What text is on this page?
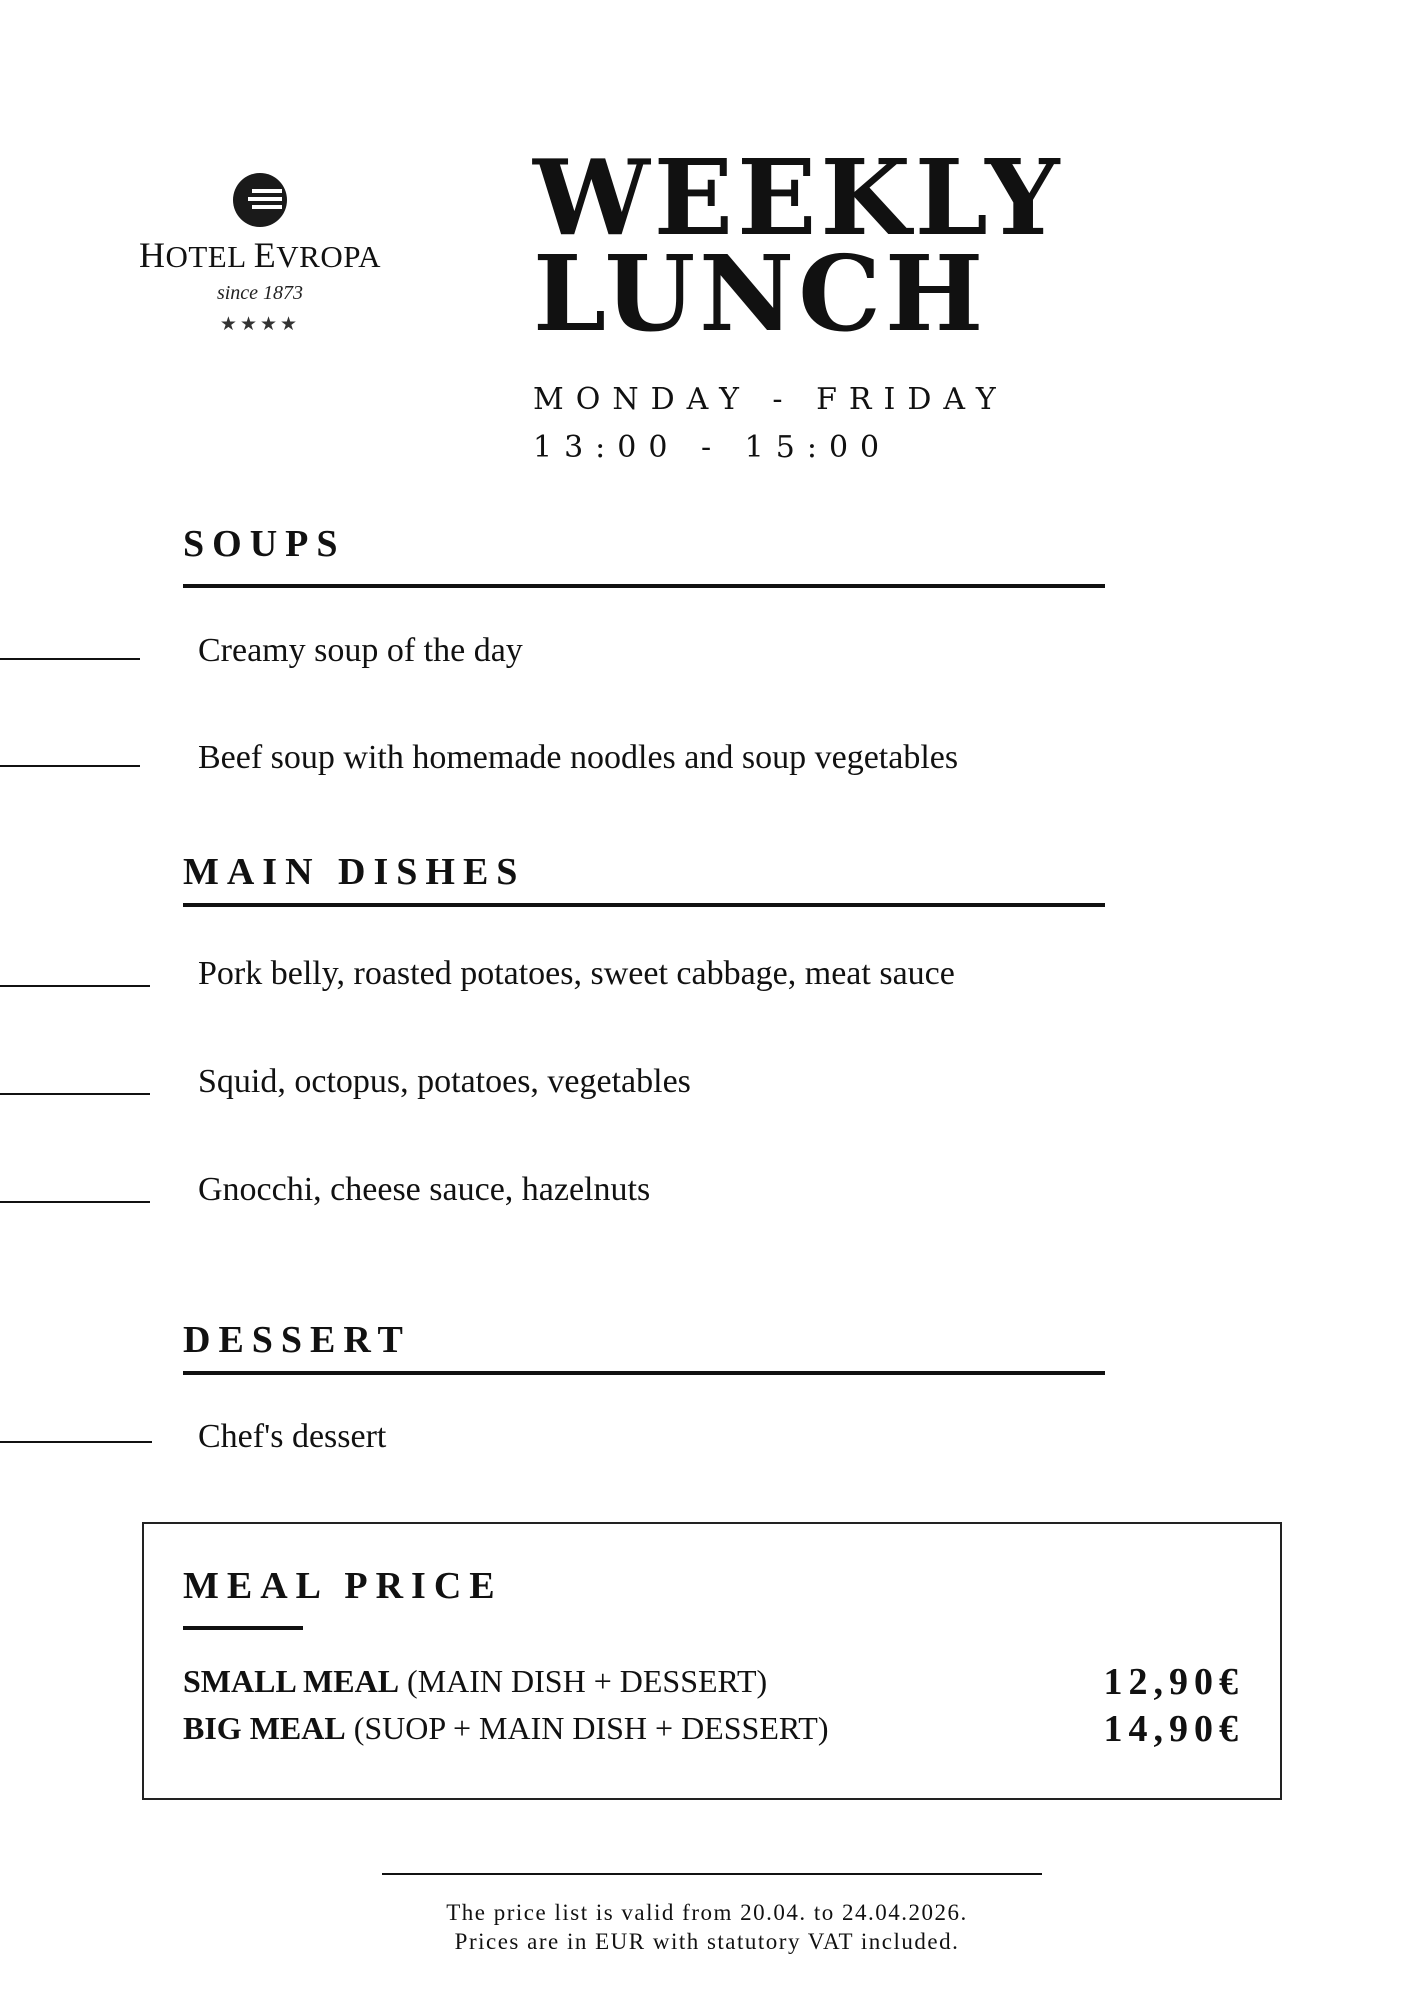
HOTEL EVROPA
since 1873
★★★★
WEEKLY
LUNCH
MONDAY - FRIDAY
13:00 - 15:00
SOUPS
Creamy soup of the day
Beef soup with homemade noodles and soup vegetables
MAIN DISHES
Pork belly, roasted potatoes, sweet cabbage, meat sauce
Squid, octopus, potatoes, vegetables
Gnocchi, cheese sauce, hazelnuts
DESSERT
Chef's dessert
MEAL PRICE
SMALL MEAL (MAIN DISH + DESSERT)	12,90€
BIG MEAL (SUOP + MAIN DISH + DESSERT)	14,90€
The price list is valid from 20.04. to 24.04.2026.
Prices are in EUR with statutory VAT included.
